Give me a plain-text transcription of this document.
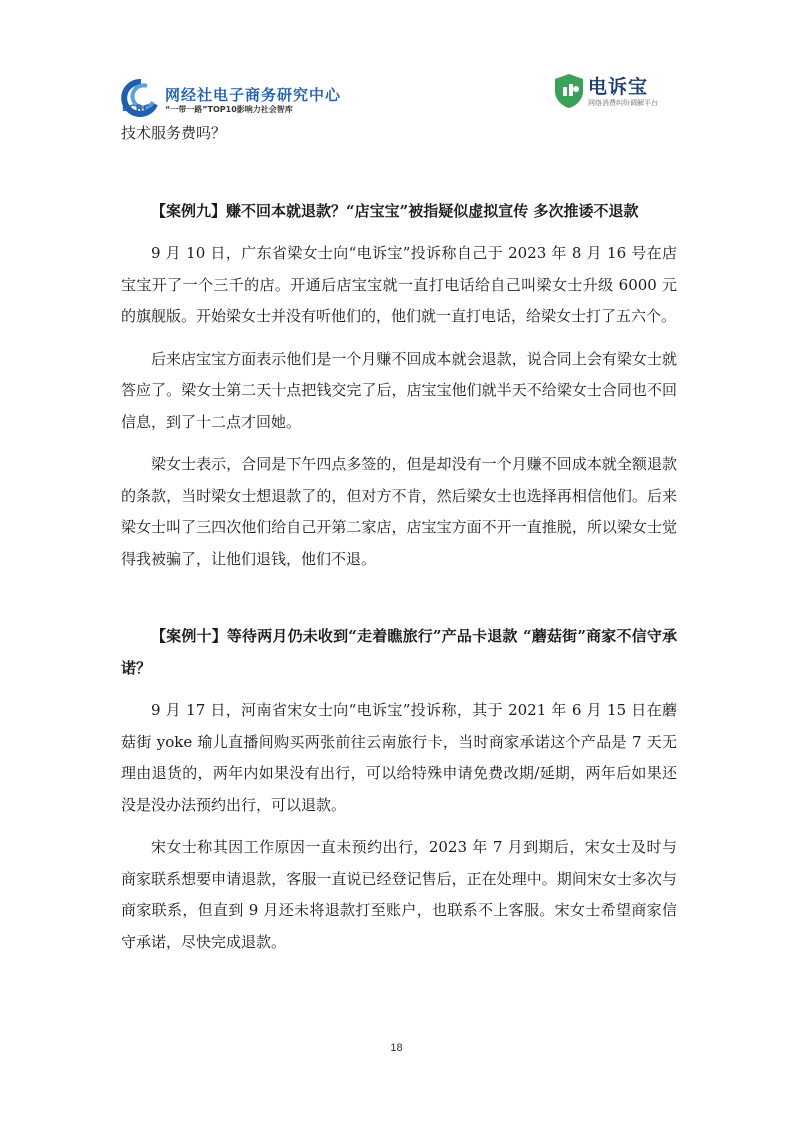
ECRC
网经社电子商务研究中心
“一带一路”TOP10影响力社会智库
电诉宝
网络消费纠纷调解平台

技术服务费吗？

【案例九】赚不回本就退款？“店宝宝”被指疑似虚拟宣传 多次推诿不退款

9 月 10 日，广东省梁女士向“电诉宝”投诉称自己于 2023 年 8 月 16 号在店宝宝开了一个三千的店。开通后店宝宝就一直打电话给自己叫梁女士升级 6000 元的旗舰版。开始梁女士并没有听他们的，他们就一直打电话，给梁女士打了五六个。

后来店宝宝方面表示他们是一个月赚不回成本就会退款，说合同上会有梁女士就答应了。梁女士第二天十点把钱交完了后，店宝宝他们就半天不给梁女士合同也不回信息，到了十二点才回她。

梁女士表示，合同是下午四点多签的，但是却没有一个月赚不回成本就全额退款的条款，当时梁女士想退款了的，但对方不肯，然后梁女士也选择再相信他们。后来梁女士叫了三四次他们给自己开第二家店，店宝宝方面不开一直推脱，所以梁女士觉得我被骗了，让他们退钱，他们不退。

【案例十】等待两月仍未收到“走着瞧旅行”产品卡退款 “蘑菇街”商家不信守承诺？

9 月 17 日，河南省宋女士向“电诉宝”投诉称，其于 2021 年 6 月 15 日在蘑菇街 yoke 瑜儿直播间购买两张前往云南旅行卡，当时商家承诺这个产品是 7 天无理由退货的，两年内如果没有出行，可以给特殊申请免费改期/延期，两年后如果还没是没办法预约出行，可以退款。

宋女士称其因工作原因一直未预约出行，2023 年 7 月到期后，宋女士及时与商家联系想要申请退款，客服一直说已经登记售后，正在处理中。期间宋女士多次与商家联系，但直到 9 月还未将退款打至账户，也联系不上客服。宋女士希望商家信守承诺，尽快完成退款。

18
